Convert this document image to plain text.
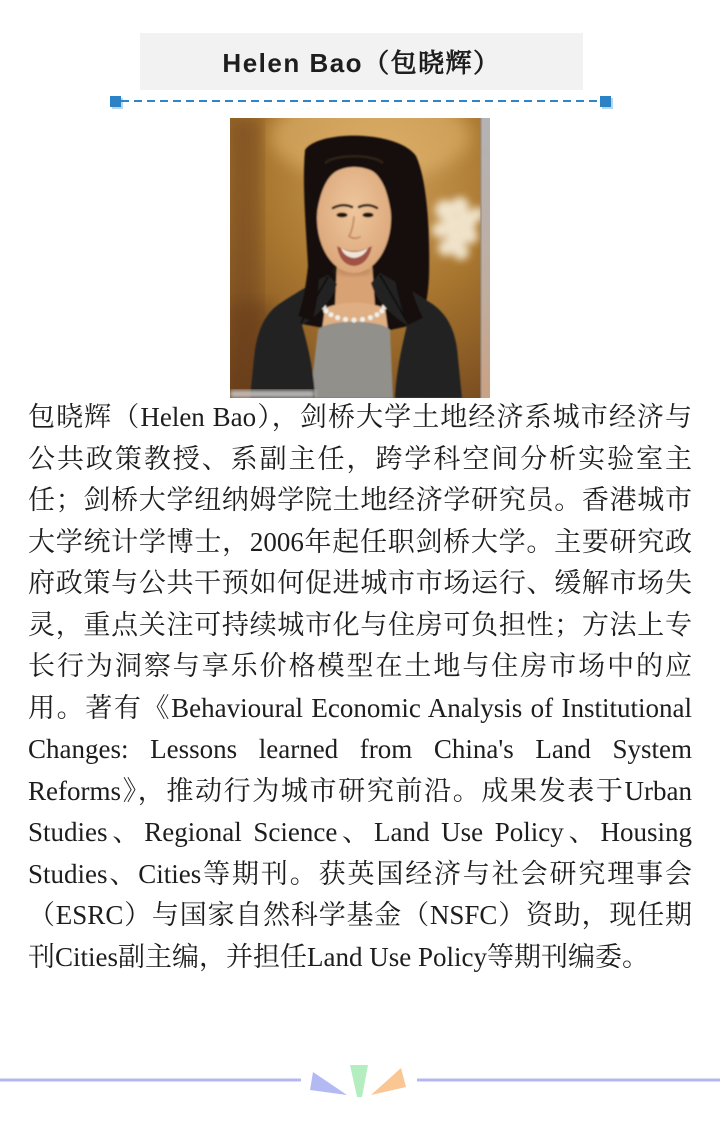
Helen Bao（包晓辉）

包晓辉（Helen Bao），剑桥大学土地经济系城市经济与公共政策教授、系副主任，跨学科空间分析实验室主任；剑桥大学纽纳姆学院土地经济学研究员。香港城市大学统计学博士，2006年起任职剑桥大学。主要研究政府政策与公共干预如何促进城市市场运行、缓解市场失灵，重点关注可持续城市化与住房可负担性；方法上专长行为洞察与享乐价格模型在土地与住房市场中的应用。著有《Behavioural Economic Analysis of Institutional Changes: Lessons learned from China's Land System Reforms》，推动行为城市研究前沿。成果发表于Urban Studies、Regional Science、Land Use Policy、Housing Studies、Cities等期刊。获英国经济与社会研究理事会（ESRC）与国家自然科学基金（NSFC）资助，现任期刊Cities副主编，并担任Land Use Policy等期刊编委。
